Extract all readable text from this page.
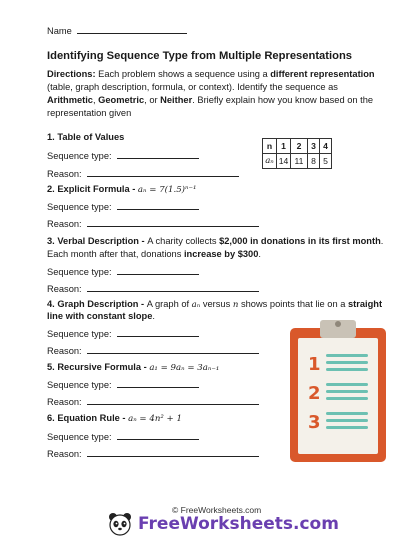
Name
Identifying Sequence Type from Multiple Representations
Directions: Each problem shows a sequence using a different representation
(table, graph description, formula, or context). Identify the sequence as
Arithmetic, Geometric, or Neither. Briefly explain how you know based on the
representation given
1. Table of Values
Sequence type:
Reason:
n	1	2	3	4
aₙ	14	11	8	5
2. Explicit Formula - aₙ = 7(1.5)ⁿ⁻¹
Sequence type:
Reason:
3. Verbal Description - A charity collects $2,000 in donations in its first month.
Each month after that, donations increase by $300.
Sequence type:
Reason:
4. Graph Description - A graph of aₙ versus n shows points that lie on a straight
line with constant slope.
Sequence type:
Reason:
5. Recursive Formula - a₁ = 9aₙ = 3aₙ₋₁
Sequence type:
Reason:
6. Equation Rule - aₙ = 4n² + 1
Sequence type:
Reason:
1
2
3
© FreeWorksheets.com
FreeWorksheets.com
